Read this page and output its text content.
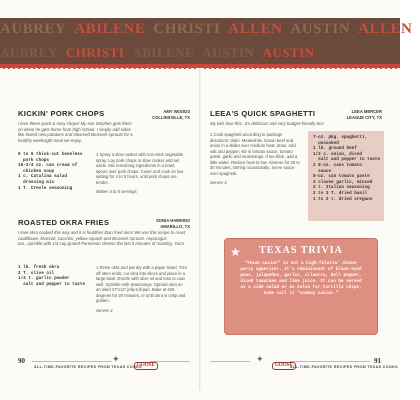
AUBREY ABILENE CHRISTI ALLEN AUSTIN ALLEN
AUBREY CHRISTI ABILENE AUSTIN AUSTIN
KICKIN' PORK CHOPS	AMY WOODS
COLLINSVILLE, TX
I love these quick & easy chops! My son Stephen gets them on when he gets home from high school. I simply add sides like boiled new potatoes and steamed Brussels sprouts for a healthy weeknight meal we enjoy.
5 to 6 thick-cut boneless
pork chops
10-3/4 oz. can cream of
chicken soup
1 c. Catalina salad
dressing mix
1 T. Creole seasoning

1 Spray a slow cooker with non-stick vegetable spray. Lay pork chops in slow cooker and set aside. Mix remaining ingredients in a bowl; spoon over pork chops. Cover and cook on low setting for 4 to 5 hours, until pork chops are tender.

Makes 4 to 6 servings

ROASTED OKRA FRIES	SONIA HAWKINS
AMARILLO, TX
I love okra cooked this way and it is healthier than fried okra! We use this recipe to roast cauliflower, broccoli, zucchini, yellow squash and Brussels sprouts. Asparagus too...sprinkle with 1/4 cup grated Parmesan cheese the last 5 minutes of roasting. Yum!
1 lb. fresh okra
2 T. olive oil
1/4 t. garlic powder
salt and pepper to taste

1 Rinse okra and pat dry with a paper towel. Trim off stem ends; cut okra into slices and place in a large bowl. Drizzle with olive oil and toss to coat well. Sprinkle with seasonings. Spread okra on an oiled 17"x12" jelly-roll pan. Bake at 425 degrees for 20 minutes, or until okra is crisp and golden.

Serves 4

LEEA'S QUICK SPAGHETTI	LEEA MERCER
LEAGUE CITY, TX
My kids love this...it's delicious and very budget-friendly too!

1 Cook spaghetti according to package directions; drain. Meanwhile, brown beef and onion in a skillet over medium heat; drain. Add salt and pepper; stir in tomato sauce, tomato paste, garlic and seasonings. If too thick, add a little water. Reduce heat to low. Simmer for 20 to 30 minutes, stirring occasionally. Serve sauce over spaghetti.

Serves 4

7-oz. pkg. spaghetti,
uncooked
1 lb. ground beef
1/2 c. onion, diced
salt and pepper to taste
2 8-oz. cans tomato
sauce
8-oz. can tomato paste
3 cloves garlic, minced
2 t. Italian seasoning
2 to 3 T. dried basil
1 to 2 t. dried oregano
★	TEXAS TRIVIA
"Texas caviar" is not a high-falutin' dinner party appetizer. It's reminiscent of black-eyed peas, jalapeños, garlic, cilantro, bell pepper, diced tomatoes and lime juice. It can be served as a side salad or as salsa for tortilla chips. Some call it "cowboy caviar."
90	✦
ALL-TIME-FAVORITE RECIPES FROM TEXAS COOKS
GOOSE
✦
GOOSE
ALL-TIME-FAVORITE RECIPES FROM TEXAS COOKS
91
